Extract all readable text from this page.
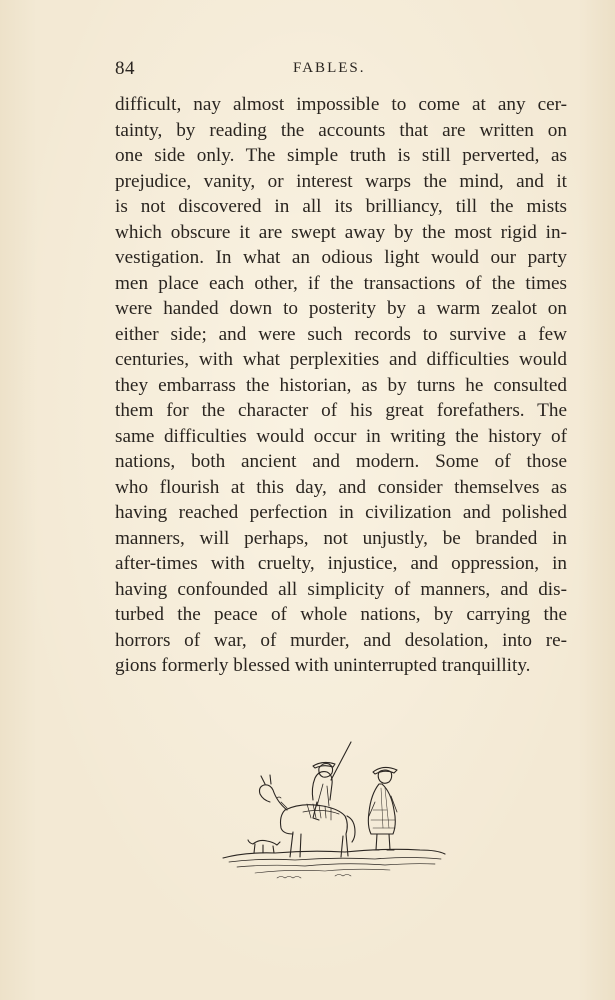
84	FABLES.
difficult, nay almost impossible to come at any cer-
tainty, by reading the accounts that are written on
one side only. The simple truth is still perverted, as
prejudice, vanity, or interest warps the mind, and it
is not discovered in all its brilliancy, till the mists
which obscure it are swept away by the most rigid in-
vestigation. In what an odious light would our party
men place each other, if the transactions of the times
were handed down to posterity by a warm zealot on
either side; and were such records to survive a few
centuries, with what perplexities and difficulties would
they embarrass the historian, as by turns he consulted
them for the character of his great forefathers. The
same difficulties would occur in writing the history of
nations, both ancient and modern. Some of those
who flourish at this day, and consider themselves as
having reached perfection in civilization and polished
manners, will perhaps, not unjustly, be branded in
after-times with cruelty, injustice, and oppression, in
having confounded all simplicity of manners, and dis-
turbed the peace of whole nations, by carrying the
horrors of war, of murder, and desolation, into re-
gions formerly blessed with uninterrupted tranquillity.
